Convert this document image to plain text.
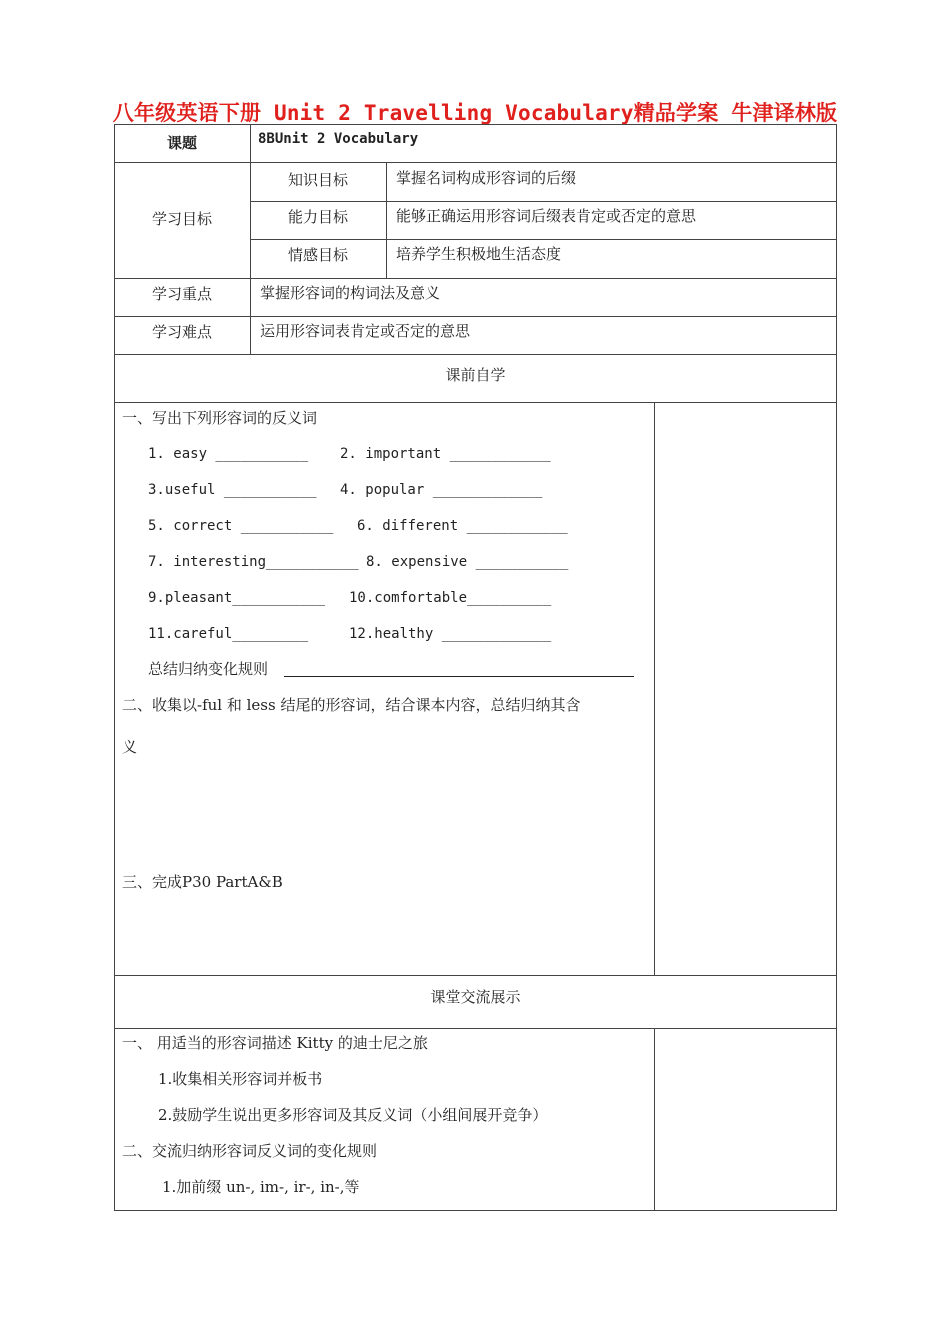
八年级英语下册 Unit 2 Travelling Vocabulary精品学案 牛津译林版
课题	8BUnit 2 Vocabulary
学习目标
知识目标	掌握名词构成形容词的后缀
能力目标	能够正确运用形容词后缀表肯定或否定的意思
情感目标	培养学生积极地生活态度
学习重点	掌握形容词的构词法及意义
学习难点	运用形容词表肯定或否定的意思
课前自学
一、写出下列形容词的反义词
1. easy ___________ 2. important ____________
3.useful ___________ 4. popular _____________
5. correct ___________ 6. different ____________
7. interesting___________ 8. expensive ___________
9.pleasant___________ 10.comfortable__________
11.careful_________	12.healthy _____________
总结归纳变化规则
二、收集以-ful 和 less 结尾的形容词，结合课本内容，总结归纳其含
义
三、完成P30 PartA&B
课堂交流展示
一、 用适当的形容词描述 Kitty 的迪士尼之旅
1.收集相关形容词并板书
2.鼓励学生说出更多形容词及其反义词（小组间展开竞争）
二、交流归纳形容词反义词的变化规则
1.加前缀 un-, im-, ir-, in-,等
